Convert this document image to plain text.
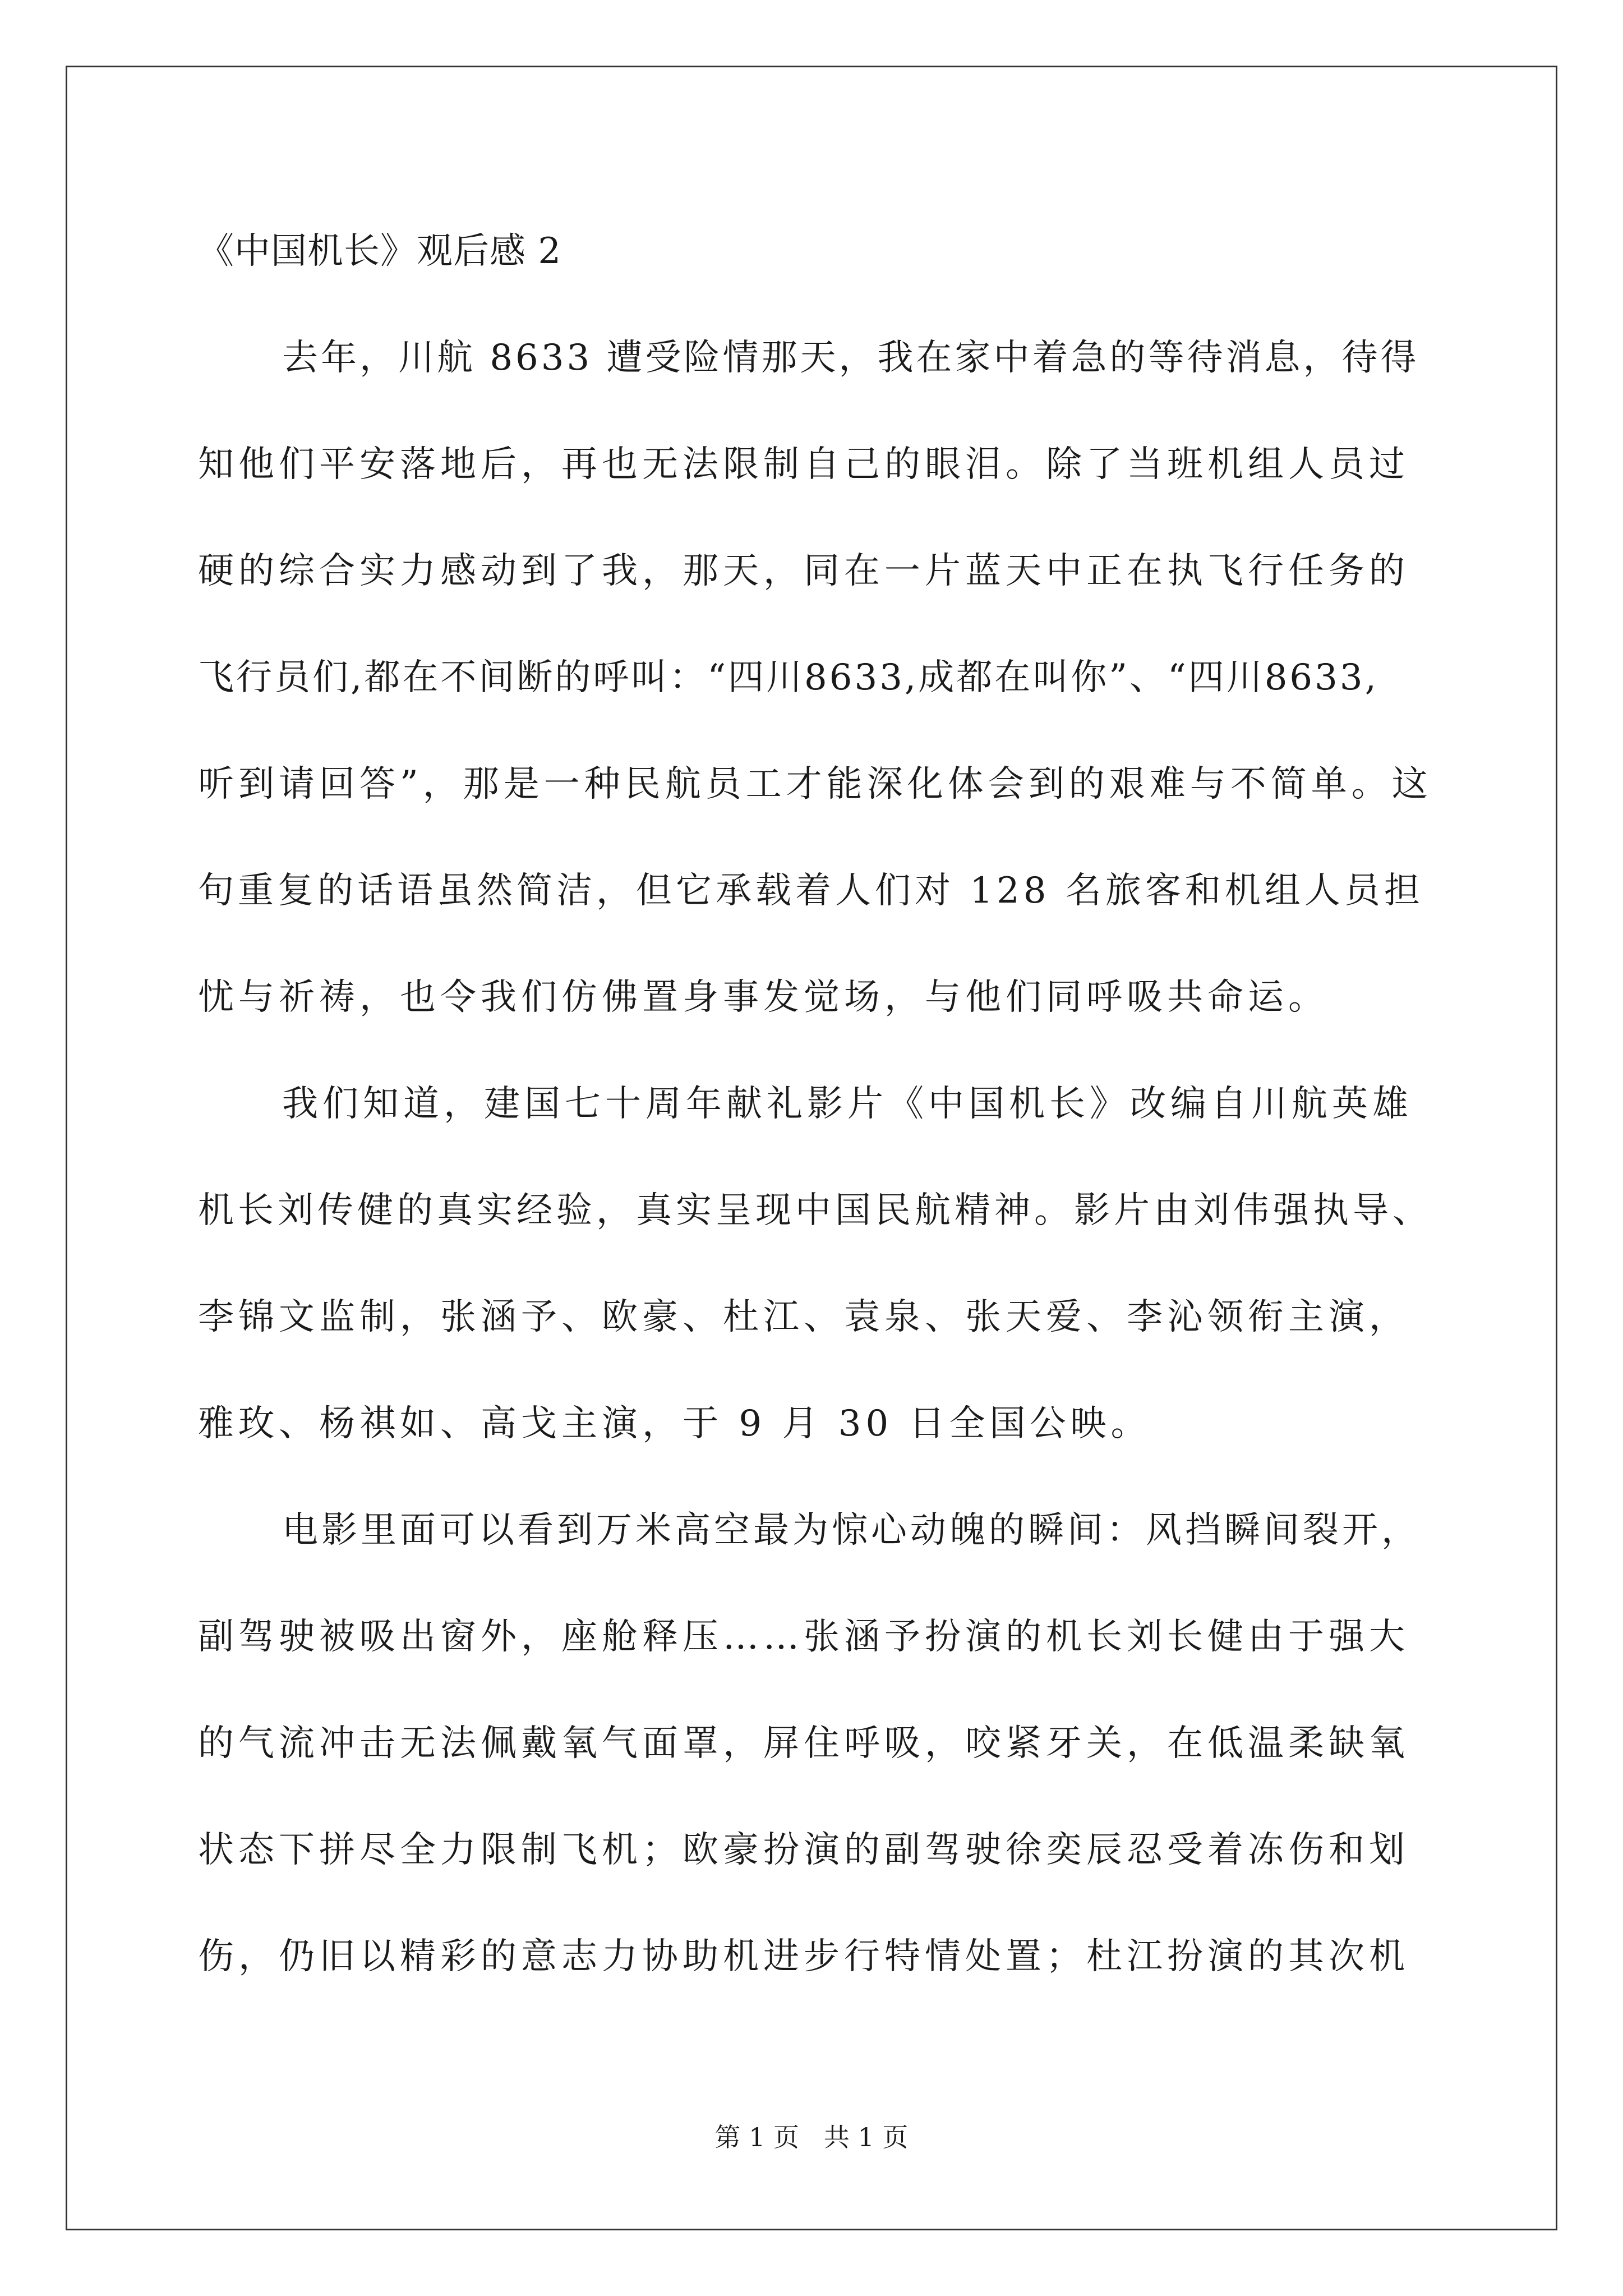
《中国机长》观后感 2

去年，川航 8633 遭受险情那天，我在家中着急的等待消息，待得

知他们平安落地后，再也无法限制自己的眼泪。除了当班机组人员过

硬的综合实力感动到了我，那天，同在一片蓝天中正在执飞行任务的

飞行员们,都在不间断的呼叫：“四川8633,成都在叫你”、“四川8633,

听到请回答”，那是一种民航员工才能深化体会到的艰难与不简单。这

句重复的话语虽然简洁，但它承载着人们对 128 名旅客和机组人员担

忧与祈祷，也令我们仿佛置身事发觉场，与他们同呼吸共命运。

我们知道，建国七十周年献礼影片《中国机长》改编自川航英雄

机长刘传健的真实经验，真实呈现中国民航精神。影片由刘伟强执导、

李锦文监制，张涵予、欧豪、杜江、袁泉、张天爱、李沁领衔主演，

雅玫、杨祺如、高戈主演，于 9 月 30 日全国公映。

电影里面可以看到万米高空最为惊心动魄的瞬间：风挡瞬间裂开，

副驾驶被吸出窗外，座舱释压……张涵予扮演的机长刘长健由于强大

的气流冲击无法佩戴氧气面罩，屏住呼吸，咬紧牙关，在低温柔缺氧

状态下拼尽全力限制飞机；欧豪扮演的副驾驶徐奕辰忍受着冻伤和划

伤，仍旧以精彩的意志力协助机进步行特情处置；杜江扮演的其次机

第 1 页   共 1 页
